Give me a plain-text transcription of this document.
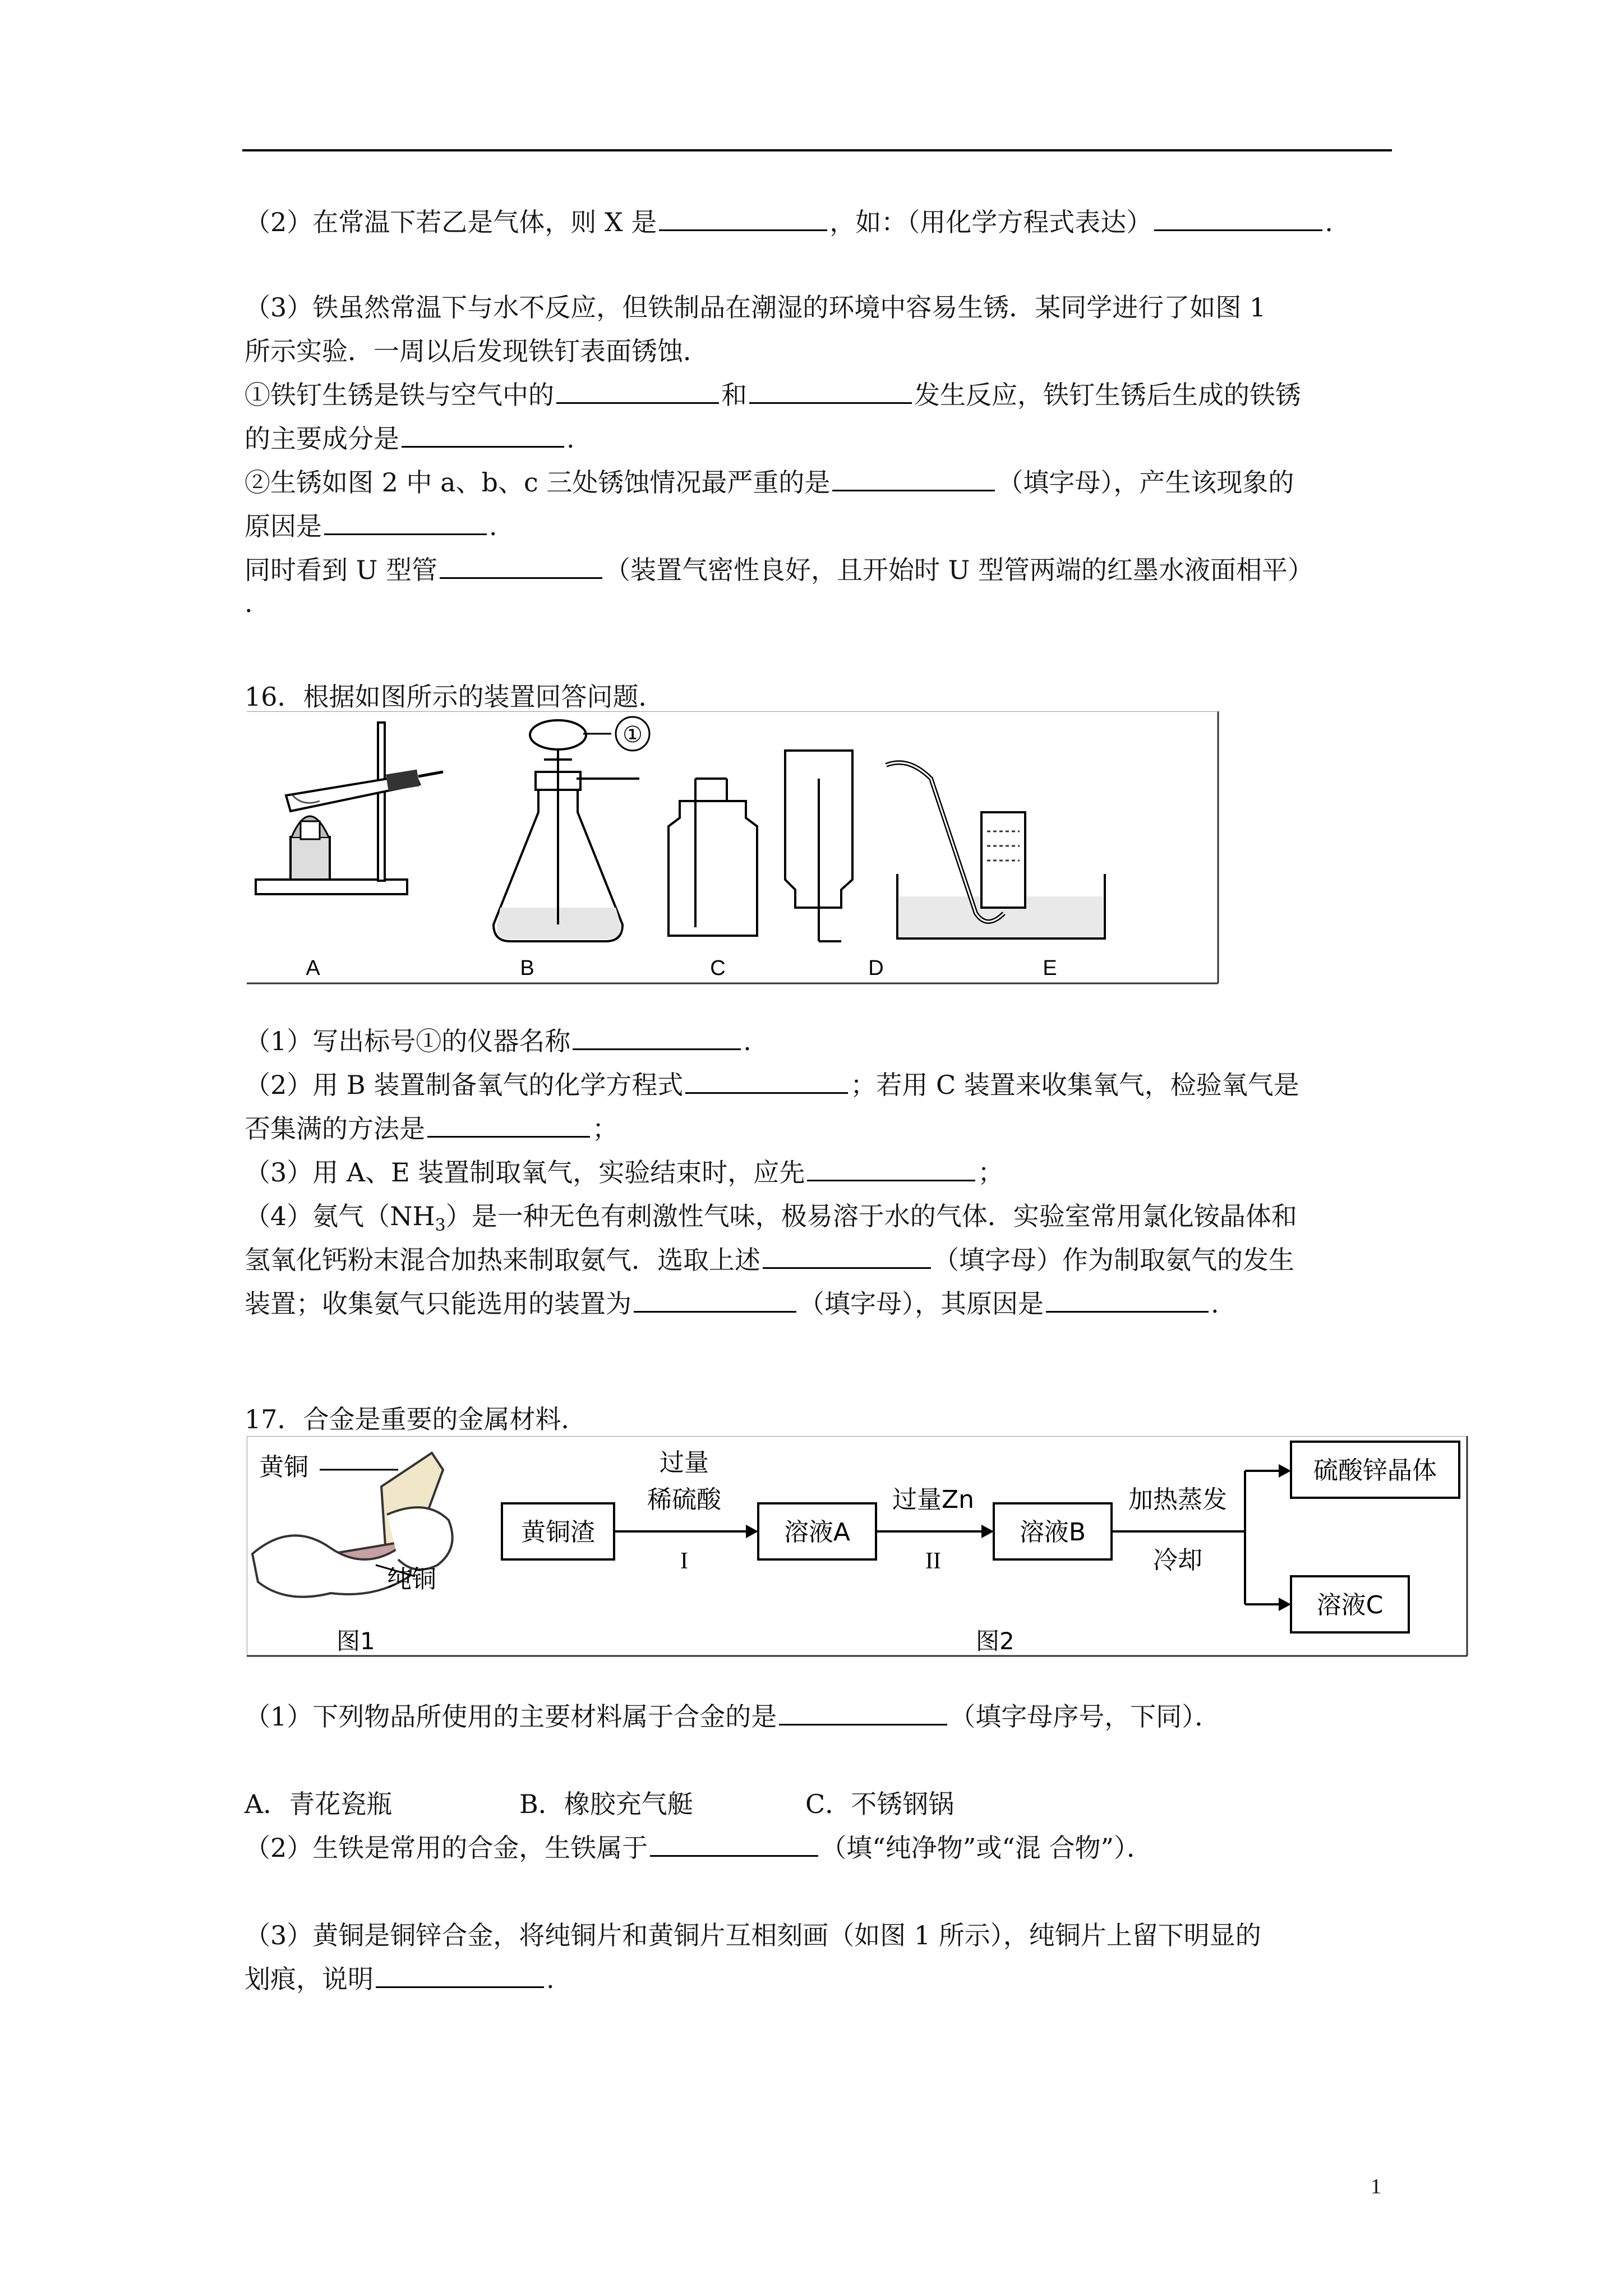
（2）在常温下若乙是气体，则 X 是	，如：（用化学方程式表达）	.
（3）铁虽然常温下与水不反应，但铁制品在潮湿的环境中容易生锈．某同学进行了如图 1
所示实验．一周以后发现铁钉表面锈蚀．
①铁钉生锈是铁与空气中的	和	发生反应，铁钉生锈后生成的铁锈
的主要成分是	.
②生锈如图 2 中 a、b、c 三处锈蚀情况最严重的是	（填字母），产生该现象的
原因是	.
同时看到 U 型管	（装置气密性良好，且开始时 U 型管两端的红墨水液面相平）
.
16．根据如图所示的装置回答问题．
①
A	B	C	D	E
（1）写出标号①的仪器名称	.
（2）用 B 装置制备氧气的化学方程式	；若用 C 装置来收集氧气，检验氧气是
否集满的方法是	；
（3）用 A、E 装置制取氧气，实验结束时，应先	；
（4）氨气$(NH_3)$是一种无色有刺激性气味，极易溶于水的气体．实验室常用氯化铵晶体和
氢氧化钙粉末混合加热来制取氨气．选取上述	（填字母）作为制取氨气的发生
装置；收集氨气只能选用的装置为	（填字母），其原因是	.
17．合金是重要的金属材料．
黄铜
纯铜
图1
黄铜渣
过量
稀硫酸
I
溶液A
过量Zn
II
溶液B
加热蒸发
冷却
硫酸锌晶体
溶液C
图2
（1）下列物品所使用的主要材料属于合金的是	（填字母序号，下同）．
A．青花瓷瓶	B．橡胶充气艇	C．不锈钢锅
（2）生铁是常用的合金，生铁属于	（填“纯净物”或“混 合物”）．
（3）黄铜是铜锌合金，将纯铜片和黄铜片互相刻画（如图 1 所示），纯铜片上留下明显的
划痕，说明	.
1
